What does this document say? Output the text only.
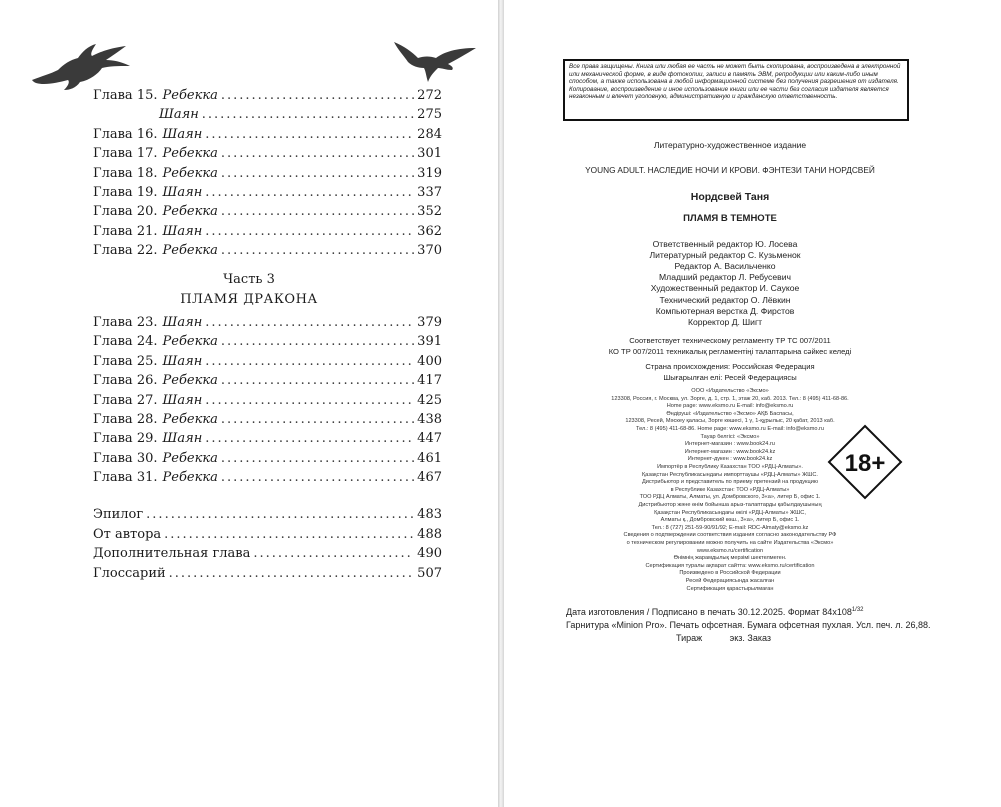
Глава 15. Ребекка .....	272
Шаян .....	275
Глава 16. Шаян .....	284
Глава 17. Ребекка .....	301
Глава 18. Ребекка .....	319
Глава 19. Шаян .....	337
Глава 20. Ребекка .....	352
Глава 21. Шаян .....	362
Глава 22. Ребекка .....	370
Часть 3
ПЛАМЯ ДРАКОНА
Глава 23. Шаян .....	379
Глава 24. Ребекка .....	391
Глава 25. Шаян .....	400
Глава 26. Ребекка .....	417
Глава 27. Шаян .....	425
Глава 28. Ребекка .....	438
Глава 29. Шаян .....	447
Глава 30. Ребекка .....	461
Глава 31. Ребекка .....	467
Эпилог .....	483
От автора .....	488
Дополнительная глава .....	490
Глоссарий .....	507
Все права защищены. Книга или любая ее часть не может быть скопирована, воспроизведена в электронной или механической форме, в виде фотокопии, записи в память ЭВМ, репродукции или каким-либо иным способом, а также использована в любой информационной системе без получения разрешения от издателя. Копирование, воспроизведение и иное использование книги или ее части без согласия издателя является незаконным и влечет уголовную, административную и гражданскую ответственность.
Литературно-художественное издание
YOUNG ADULT. НАСЛЕДИЕ НОЧИ И КРОВИ. ФЭНТЕЗИ ТАНИ НОРДСВЕЙ
Нордсвей Таня
ПЛАМЯ В ТЕМНОТЕ
Ответственный редактор Ю. Лосева
Литературный редактор С. Кузьменок
Редактор А. Васильченко
Младший редактор Л. Ребусевич
Художественный редактор И. Саукое
Технический редактор О. Лёвкин
Компьютерная верстка Д. Фирстов
Корректор Д. Шигт
Соответствует техническому регламенту ТР ТС 007/2011
КО ТР 007/2011 техникалық регламентіңі талаптарына сәйкес келеді
Страна происхождения: Российская Федерация
Шығарылған елі: Ресей Федерациясы
ООО «Издательство «Эксмо»
123308, Россия, г. Москва, ул. Зорге, д. 1, стр. 1, этаж 20, каб. 2013. Тел.: 8 (495) 411-68-86.
Home page: www.eksmo.ru E-mail: info@eksmo.ru
Өндіруші: «Издательство «Эксмо» АҚБ Баспасы,
123308, Ресей, Мәскеу қаласы, Зорге көшесі, 1 ү, 1-құрылыс, 20 қабат, 2013 каб.
Тел.: 8 (495) 411-68-86. Home page: www.eksmo.ru E-mail: info@eksmo.ru
Тауар белгісі: «Эксмо»
Интернет-магазин : www.book24.ru
Интернет-магазин : www.book24.kz
Интернет-дүкен : www.book24.kz
Импортёр в Республику Казахстан ТОО «РДЦ-Алматы».
Қазақстан Республикасындағы импорттаушы «РДЦ-Алматы» ЖШС.
Дистрибьютор и представитель по приему претензий на продукцию
в Республике Казахстан: ТОО «РДЦ-Алматы»
ТОО РДЦ Алматы, Алматы, ул. Домбровского, 3«а», литер Б, офис 1.
Дистрибьютор және өнім бойынша арыз-талаптарды қабылдаушының
Қазақстан Республикасындағы өкілі «РДЦ-Алматы» ЖШС,
Алматы қ., Домбровский көш., 3«а», литер Б, офис 1.
Тел.: 8 (727) 251-59-90/91/92; E-mail: RDC-Almaty@eksmo.kz
Сведения о подтверждении соответствия издания согласно законодательству РФ
о техническом регулировании можно получить на сайте Издательства «Эксмо»
www.eksmo.ru/certification
Өнімнің жарамдылық мерзімі шектелмеген.
Сертификация туралы ақпарат сайтта: www.eksmo.ru/certification
Произведено в Российской Федерации
Ресей Федерациясында жасалған
Сертификация қарастырылмаған
18+
Дата изготовления / Подписано в печать 30.12.2025. Формат $84x108^{1/32}$
Гарнитура «Minion Pro». Печать офсетная. Бумага офсетная пухлая. Усл. печ. л. 26,88.
Тираж           экз. Заказ
